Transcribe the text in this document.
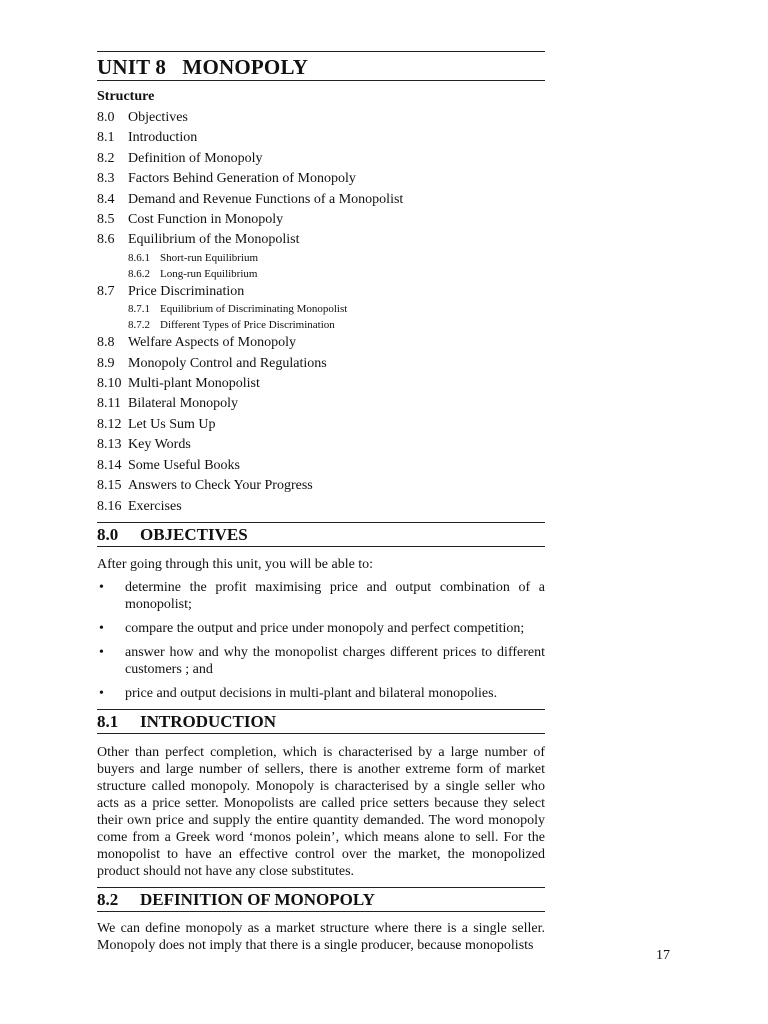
UNIT 8   MONOPOLY
Structure
8.0 Objectives
8.1 Introduction
8.2 Definition of Monopoly
8.3 Factors Behind Generation of Monopoly
8.4 Demand and Revenue Functions of a Monopolist
8.5 Cost Function in Monopoly
8.6 Equilibrium of the Monopolist
8.6.1 Short-run Equilibrium
8.6.2 Long-run Equilibrium
8.7 Price Discrimination
8.7.1 Equilibrium of Discriminating Monopolist
8.7.2 Different Types of Price Discrimination
8.8 Welfare Aspects of Monopoly
8.9 Monopoly Control and Regulations
8.10 Multi-plant Monopolist
8.11 Bilateral Monopoly
8.12 Let Us Sum Up
8.13 Key Words
8.14 Some Useful Books
8.15 Answers to Check Your Progress
8.16 Exercises
8.0	OBJECTIVES

After going through this unit, you will be able to:

•	determine the profit maximising price and output combination of a monopolist;
•	compare the output and price under monopoly and perfect competition;
•	answer how and why the monopolist charges different prices to different customers ; and
•	price and output decisions in multi-plant and bilateral monopolies.
8.1	INTRODUCTION

Other than perfect completion, which is characterised by a large number of buyers and large number of sellers, there is another extreme form of market structure called monopoly. Monopoly is characterised by a single seller who acts as a price setter. Monopolists are called price setters because they select their own price and supply the entire quantity demanded. The word monopoly come from a Greek word ‘monos polein’, which means alone to sell. For the monopolist to have an effective control over the market, the monopolized product should not have any close substitutes.

8.2	DEFINITION OF MONOPOLY

We can define monopoly as a market structure where there is a single seller. Monopoly does not imply that there is a single producer, because monopolists

17
